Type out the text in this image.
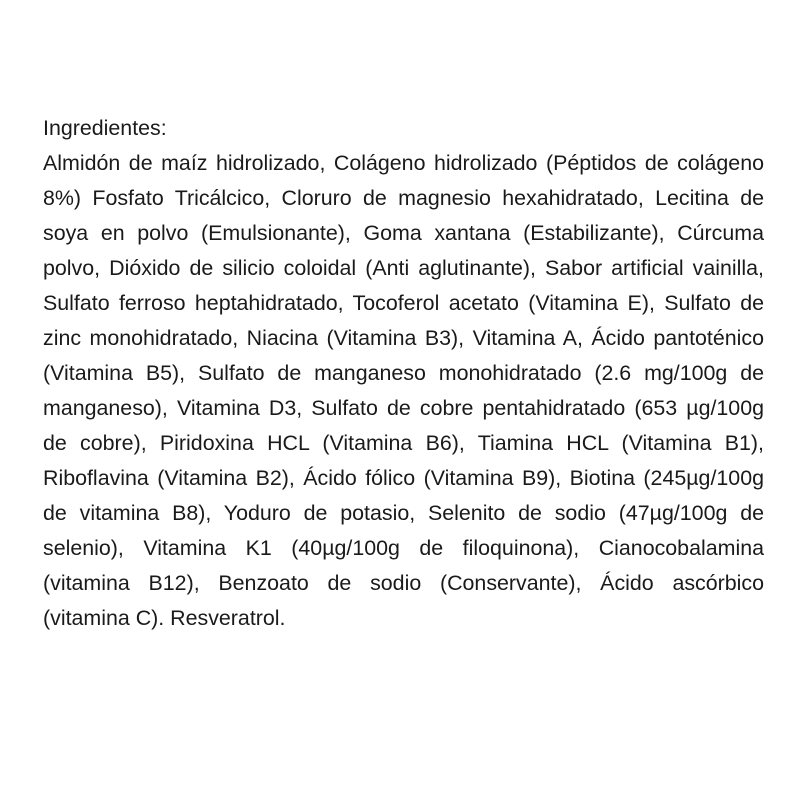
Ingredientes:

Almidón de maíz hidrolizado, Colágeno hidrolizado (Péptidos de colágeno 8%) Fosfato Tricálcico, Cloruro de magnesio hexahidratado, Lecitina de soya en polvo (Emulsionante), Goma xantana (Estabilizante), Cúrcuma polvo, Dióxido de silicio coloidal (Anti aglutinante), Sabor artificial vainilla, Sulfato ferroso heptahidratado, Tocoferol acetato (Vitamina E), Sulfato de zinc monohidratado, Niacina (Vitamina B3), Vitamina A, Ácido pantoténico (Vitamina B5), Sulfato de manganeso monohidratado (2.6 mg/100g de manganeso), Vitamina D3, Sulfato de cobre pentahidratado (653 µg/100g de cobre), Piridoxina HCL (Vitamina B6), Tiamina HCL (Vitamina B1), Riboflavina (Vitamina B2), Ácido fólico (Vitamina B9), Biotina (245µg/100g de vitamina B8), Yoduro de potasio, Selenito de sodio (47µg/100g de selenio), Vitamina K1 (40µg/100g de filoquinona), Cianocobalamina (vitamina B12), Benzoato de sodio (Conservante), Ácido ascórbico (vitamina C). Resveratrol.
